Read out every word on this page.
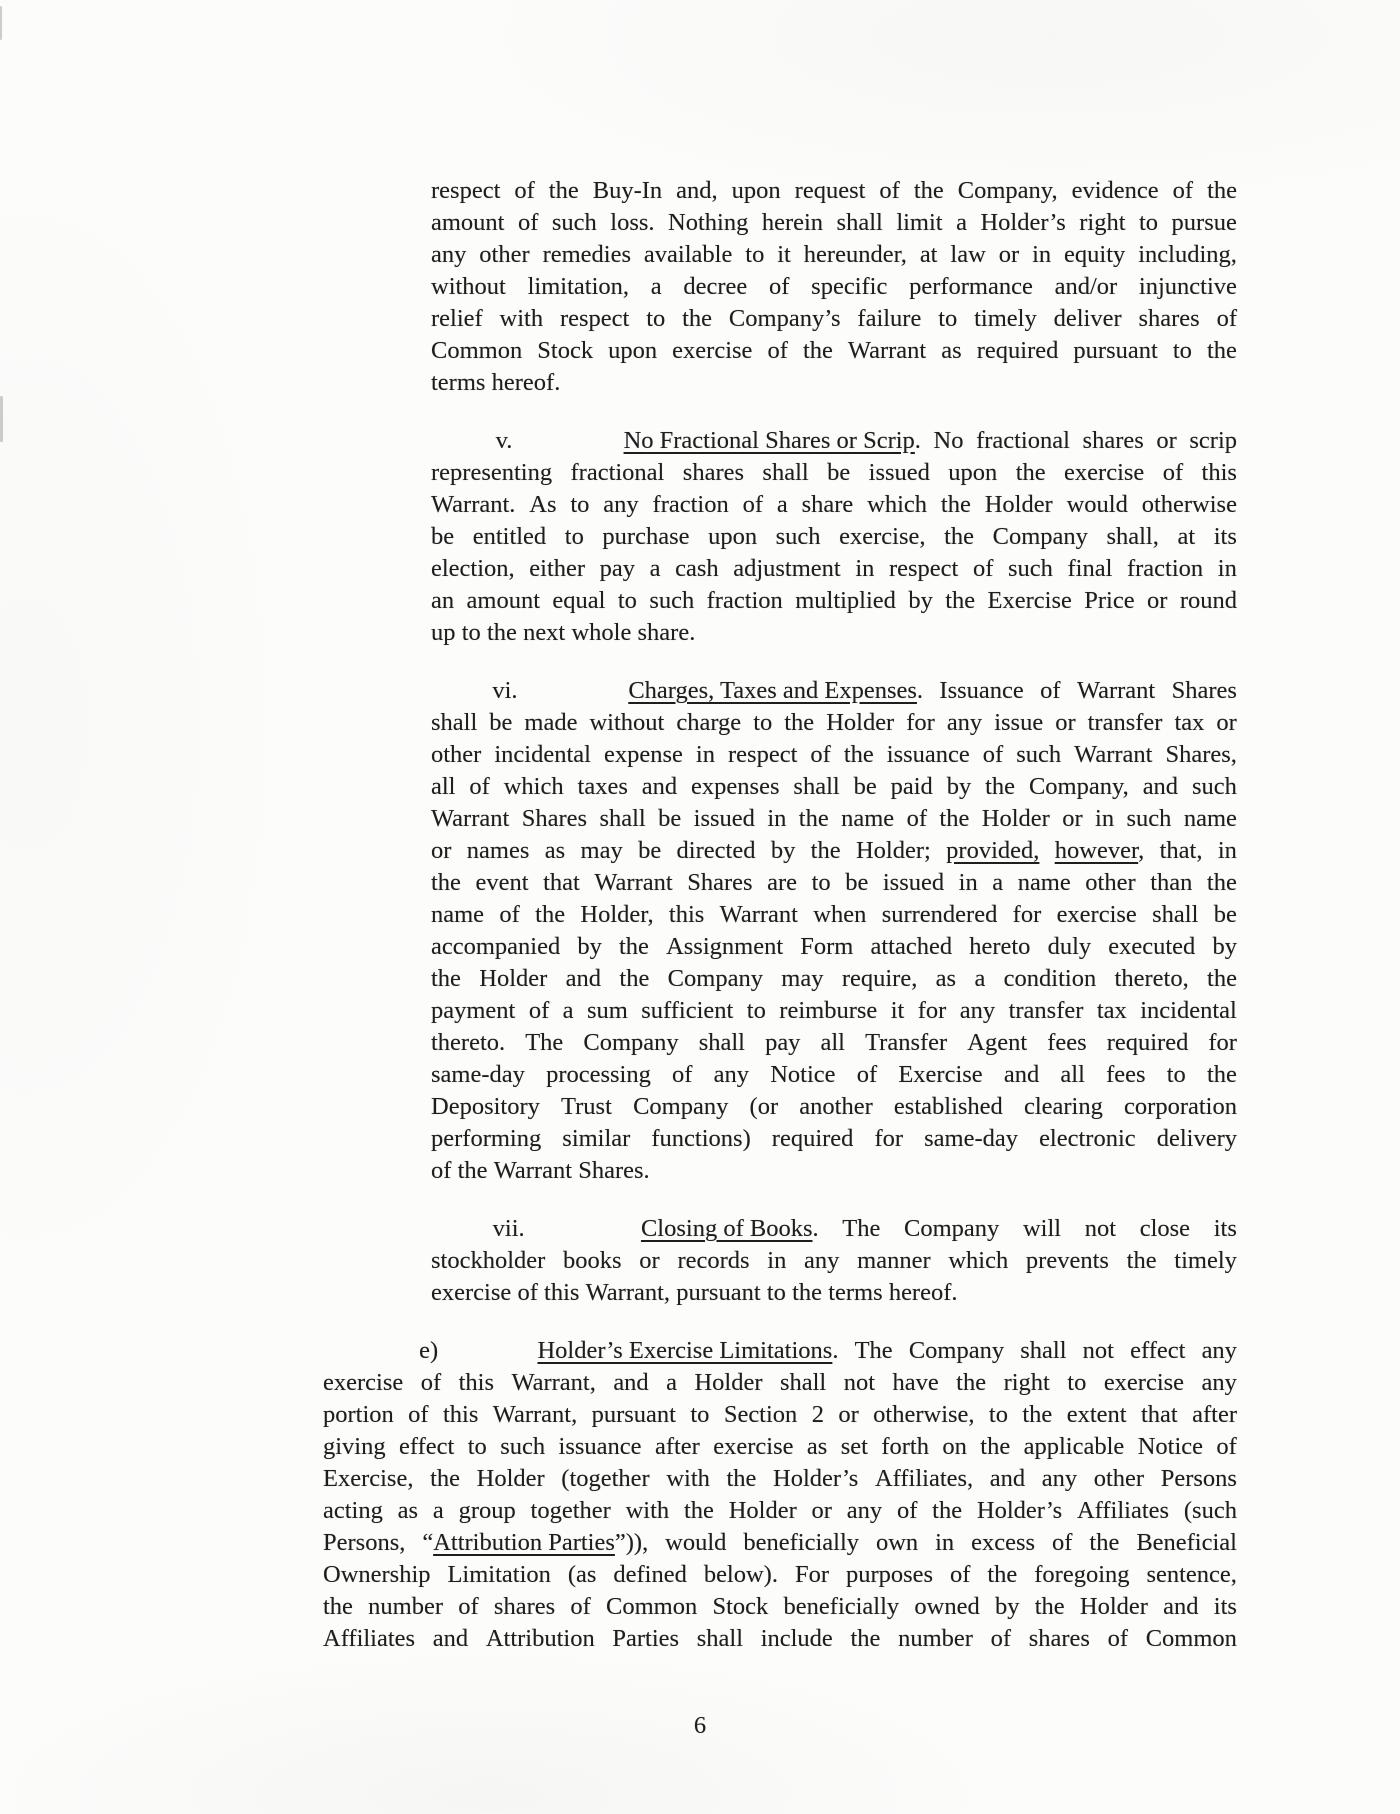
respect of the Buy-In and, upon request of the Company, evidence of the
amount of such loss. Nothing herein shall limit a Holder’s right to pursue
any other remedies available to it hereunder, at law or in equity including,
without limitation, a decree of specific performance and/or injunctive
relief with respect to the Company’s failure to timely deliver shares of
Common Stock upon exercise of the Warrant as required pursuant to the
terms hereof.
v.	No Fractional Shares or Scrip. No fractional shares or scrip
representing fractional shares shall be issued upon the exercise of this
Warrant. As to any fraction of a share which the Holder would otherwise
be entitled to purchase upon such exercise, the Company shall, at its
election, either pay a cash adjustment in respect of such final fraction in
an amount equal to such fraction multiplied by the Exercise Price or round
up to the next whole share.
vi.	Charges, Taxes and Expenses. Issuance of Warrant Shares
shall be made without charge to the Holder for any issue or transfer tax or
other incidental expense in respect of the issuance of such Warrant Shares,
all of which taxes and expenses shall be paid by the Company, and such
Warrant Shares shall be issued in the name of the Holder or in such name
or names as may be directed by the Holder; provided, however, that, in
the event that Warrant Shares are to be issued in a name other than the
name of the Holder, this Warrant when surrendered for exercise shall be
accompanied by the Assignment Form attached hereto duly executed by
the Holder and the Company may require, as a condition thereto, the
payment of a sum sufficient to reimburse it for any transfer tax incidental
thereto. The Company shall pay all Transfer Agent fees required for
same-day processing of any Notice of Exercise and all fees to the
Depository Trust Company (or another established clearing corporation
performing similar functions) required for same-day electronic delivery
of the Warrant Shares.
vii.	Closing of Books. The Company will not close its
stockholder books or records in any manner which prevents the timely
exercise of this Warrant, pursuant to the terms hereof.
e)	Holder’s Exercise Limitations. The Company shall not effect any
exercise of this Warrant, and a Holder shall not have the right to exercise any
portion of this Warrant, pursuant to Section 2 or otherwise, to the extent that after
giving effect to such issuance after exercise as set forth on the applicable Notice of
Exercise, the Holder (together with the Holder’s Affiliates, and any other Persons
acting as a group together with the Holder or any of the Holder’s Affiliates (such
Persons, “Attribution Parties”)), would beneficially own in excess of the Beneficial
Ownership Limitation (as defined below). For purposes of the foregoing sentence,
the number of shares of Common Stock beneficially owned by the Holder and its
Affiliates and Attribution Parties shall include the number of shares of Common
6
